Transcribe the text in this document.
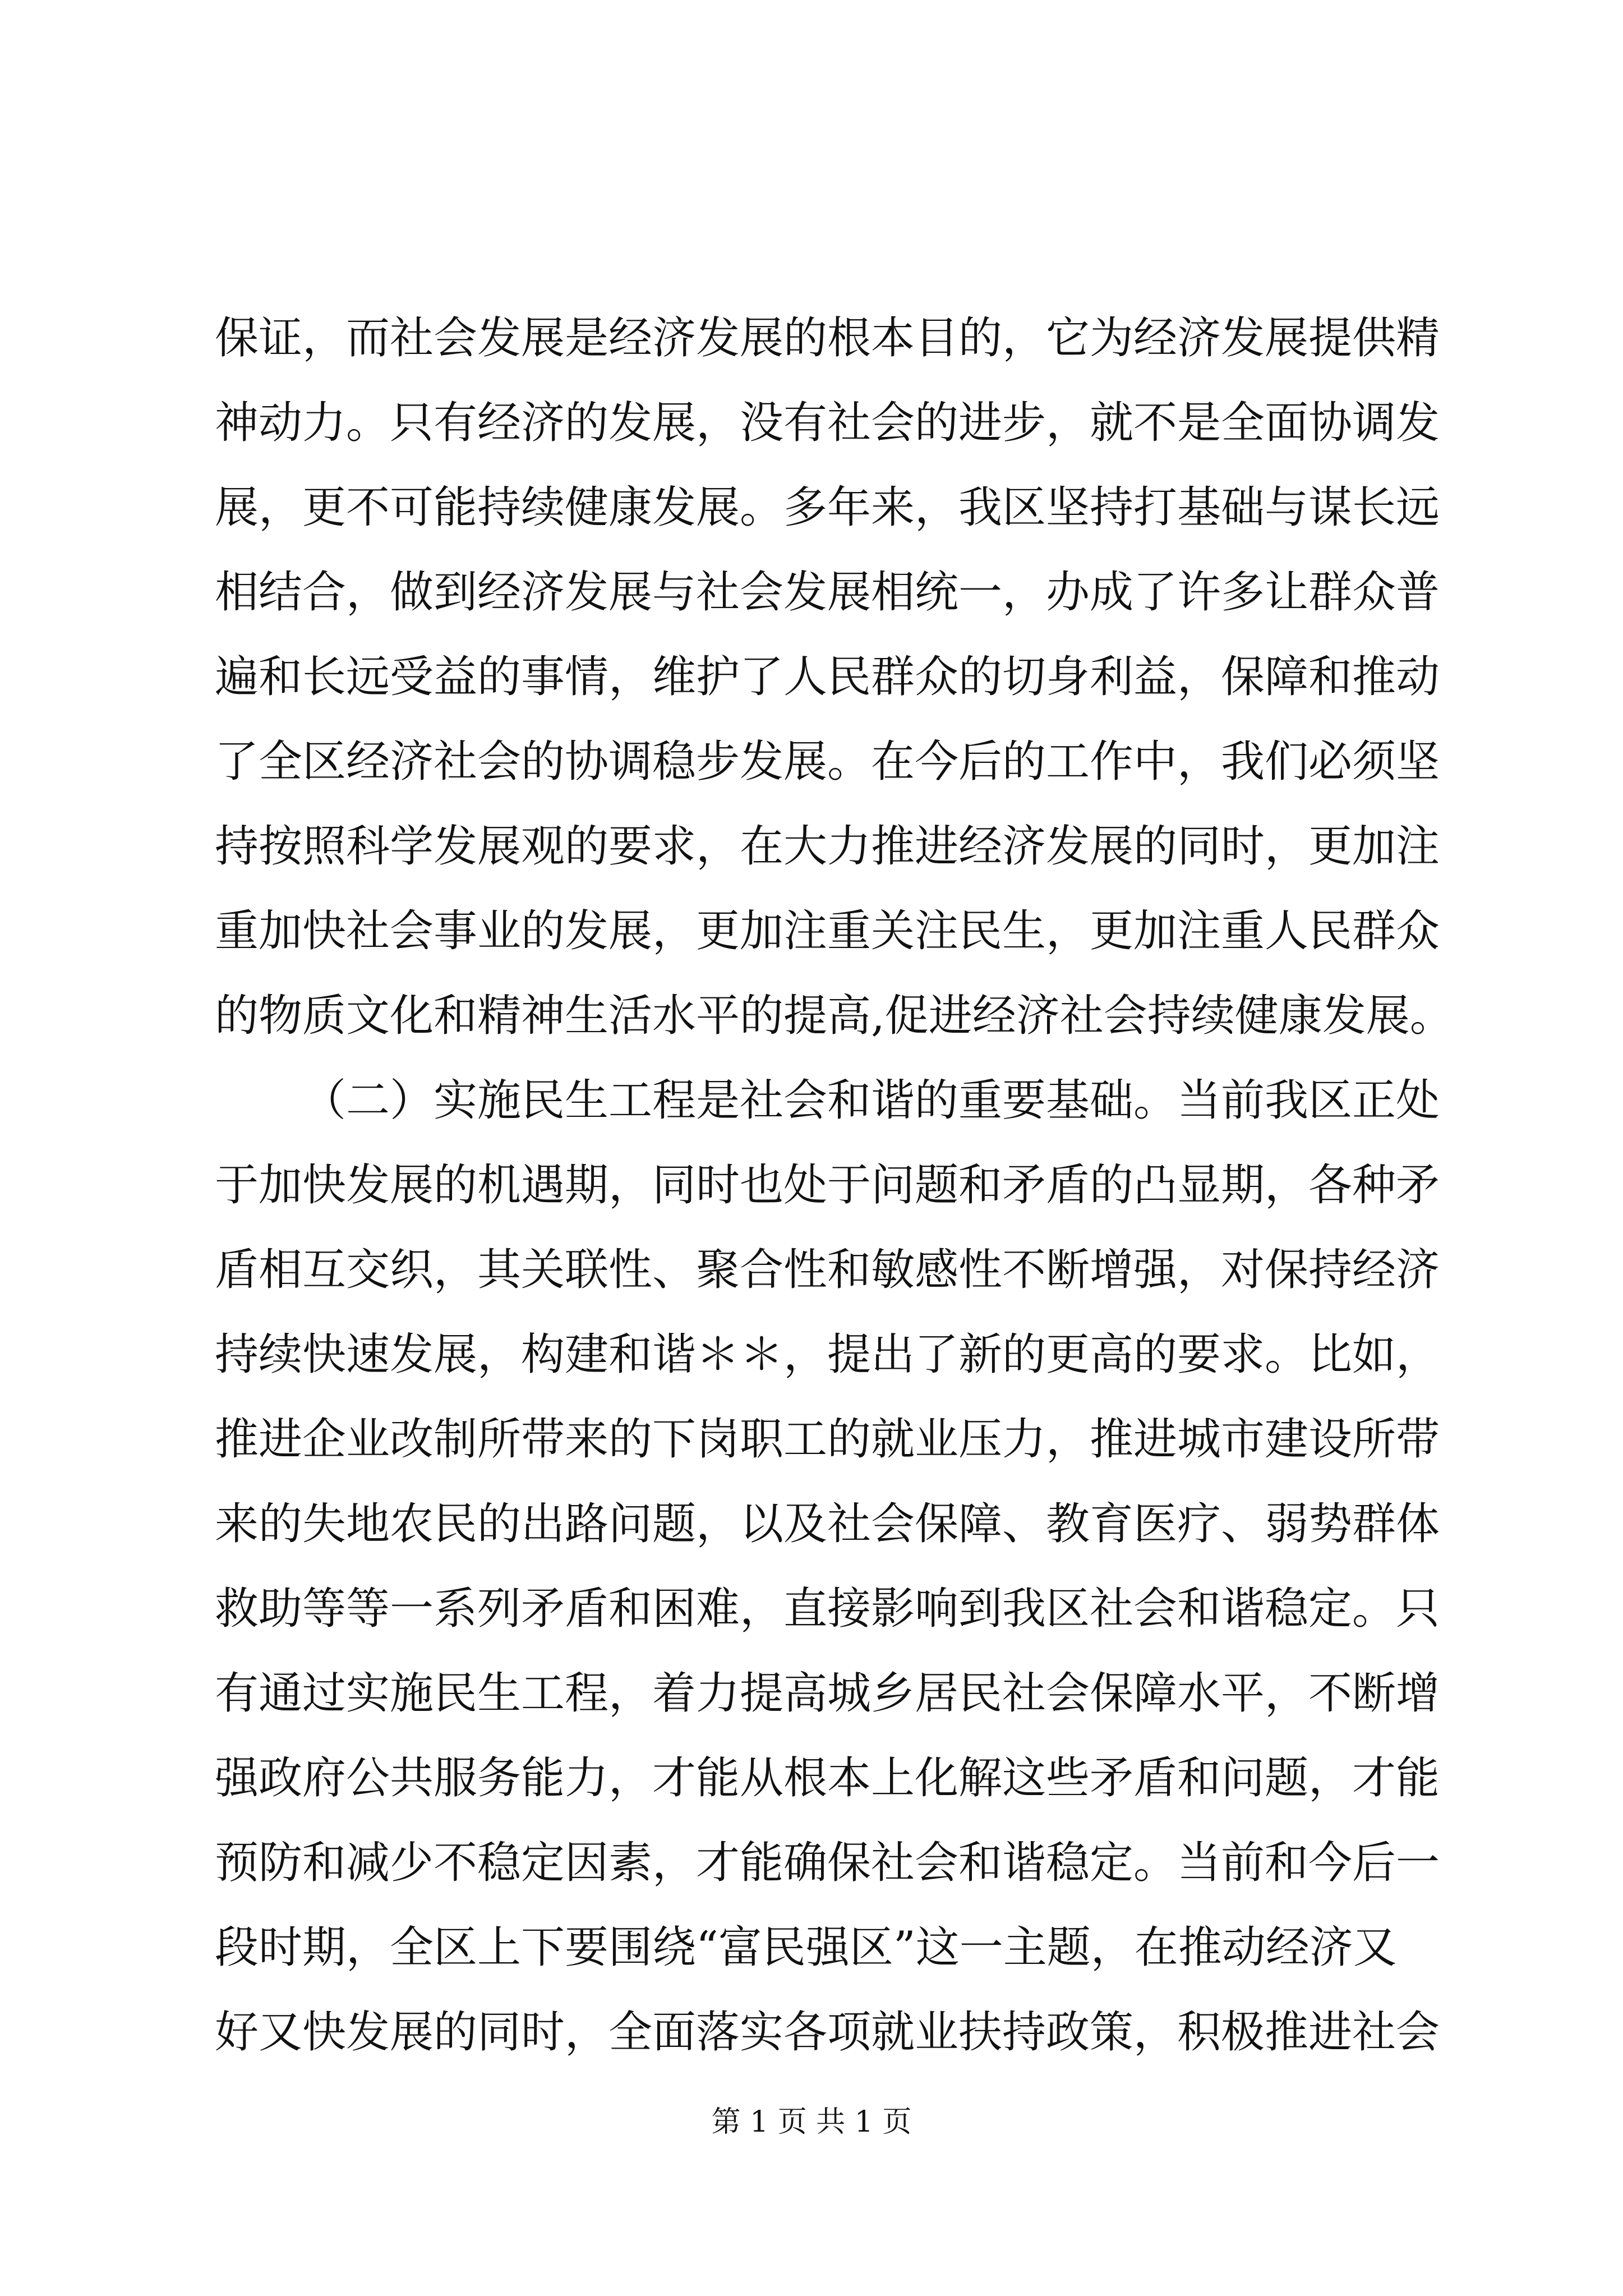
保证，而社会发展是经济发展的根本目的，它为经济发展提供精
神动力。只有经济的发展，没有社会的进步，就不是全面协调发
展，更不可能持续健康发展。多年来，我区坚持打基础与谋长远
相结合，做到经济发展与社会发展相统一，办成了许多让群众普
遍和长远受益的事情，维护了人民群众的切身利益，保障和推动
了全区经济社会的协调稳步发展。在今后的工作中，我们必须坚
持按照科学发展观的要求，在大力推进经济发展的同时，更加注
重加快社会事业的发展，更加注重关注民生，更加注重人民群众
的物质文化和精神生活水平的提高,促进经济社会持续健康发展。
（二）实施民生工程是社会和谐的重要基础。当前我区正处
于加快发展的机遇期，同时也处于问题和矛盾的凸显期，各种矛
盾相互交织，其关联性、聚合性和敏感性不断增强，对保持经济
持续快速发展，构建和谐＊＊，提出了新的更高的要求。比如，
推进企业改制所带来的下岗职工的就业压力，推进城市建设所带
来的失地农民的出路问题，以及社会保障、教育医疗、弱势群体
救助等等一系列矛盾和困难，直接影响到我区社会和谐稳定。只
有通过实施民生工程，着力提高城乡居民社会保障水平，不断增
强政府公共服务能力，才能从根本上化解这些矛盾和问题，才能
预防和减少不稳定因素，才能确保社会和谐稳定。当前和今后一
段时期，全区上下要围绕“富民强区”这一主题，在推动经济又
好又快发展的同时，全面落实各项就业扶持政策，积极推进社会
第 1 页 共 1 页
